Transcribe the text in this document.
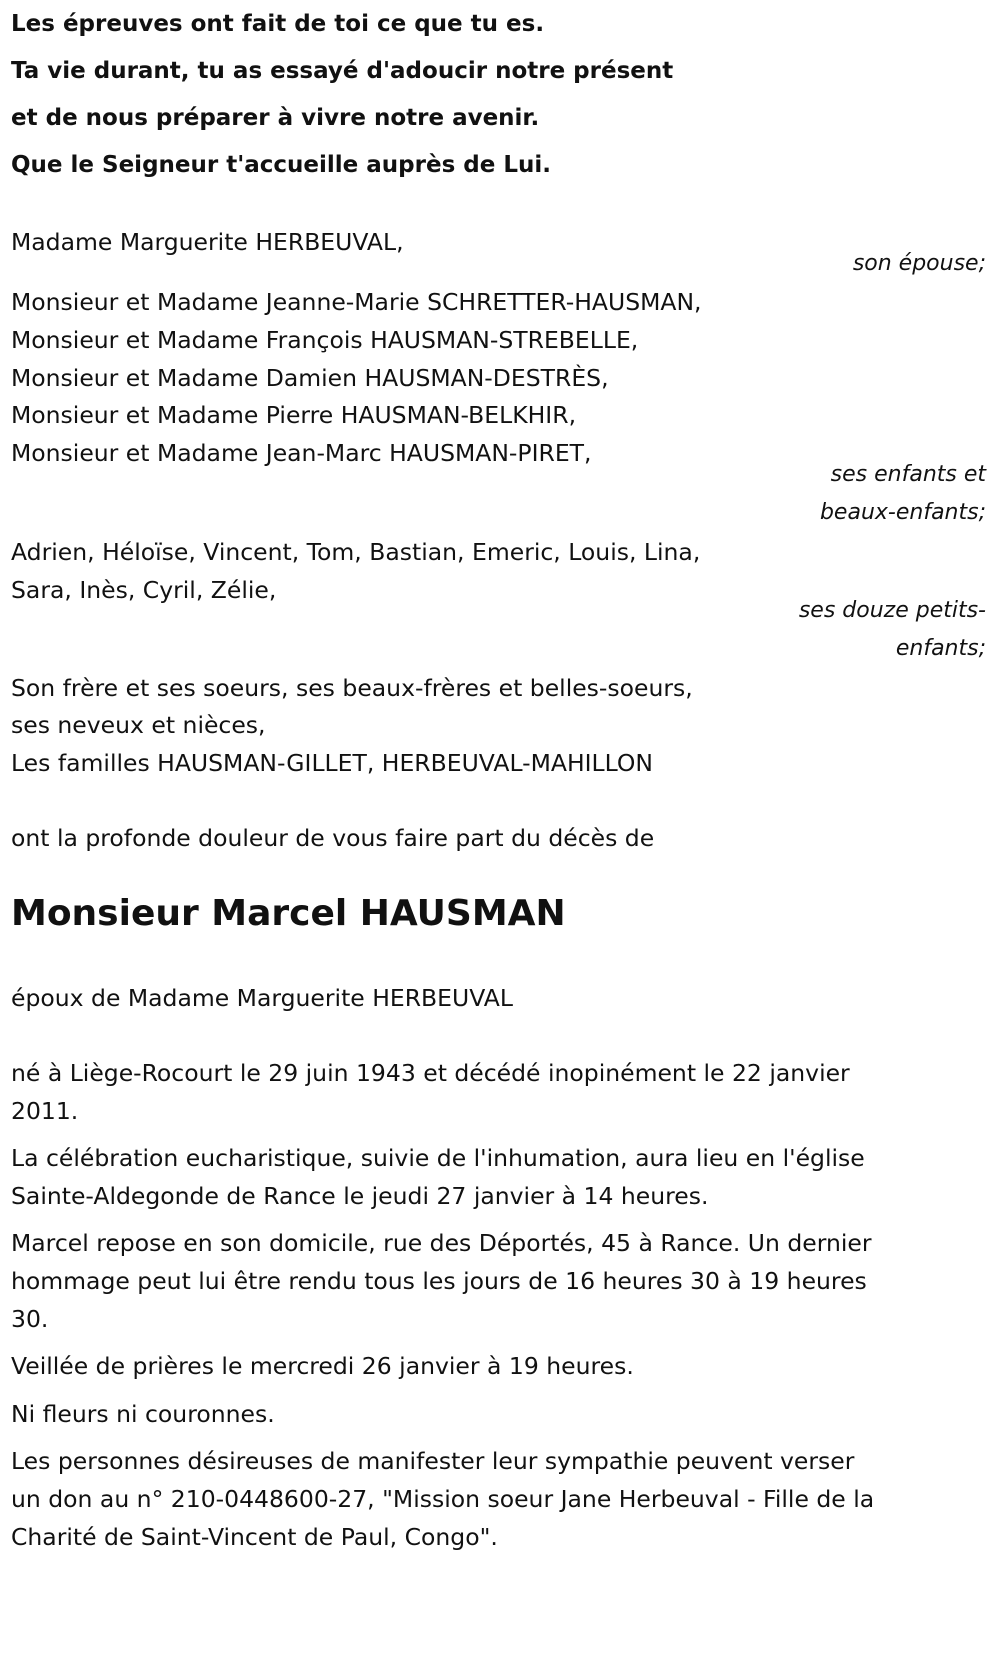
Les épreuves ont fait de toi ce que tu es.
Ta vie durant, tu as essayé d'adoucir notre présent
et de nous préparer à vivre notre avenir.
Que le Seigneur t'accueille auprès de Lui.
Madame Marguerite HERBEUVAL,
son épouse;
Monsieur et Madame Jeanne-Marie SCHRETTER-HAUSMAN,
Monsieur et Madame François HAUSMAN-STREBELLE,
Monsieur et Madame Damien HAUSMAN-DESTRÈS,
Monsieur et Madame Pierre HAUSMAN-BELKHIR,
Monsieur et Madame Jean-Marc HAUSMAN-PIRET,
ses enfants et
beaux-enfants;
Adrien, Héloïse, Vincent, Tom, Bastian, Emeric, Louis, Lina,
Sara, Inès, Cyril, Zélie,
ses douze petits-
enfants;
Son frère et ses soeurs, ses beaux-frères et belles-soeurs,
ses neveux et nièces,
Les familles HAUSMAN-GILLET, HERBEUVAL-MAHILLON
ont la profonde douleur de vous faire part du décès de
Monsieur Marcel HAUSMAN
époux de Madame Marguerite HERBEUVAL
né à Liège-Rocourt le 29 juin 1943 et décédé inopinément le 22 janvier
2011.
La célébration eucharistique, suivie de l'inhumation, aura lieu en l'église
Sainte-Aldegonde de Rance le jeudi 27 janvier à 14 heures.
Marcel repose en son domicile, rue des Déportés, 45 à Rance. Un dernier
hommage peut lui être rendu tous les jours de 16 heures 30 à 19 heures
30.
Veillée de prières le mercredi 26 janvier à 19 heures.
Ni fleurs ni couronnes.
Les personnes désireuses de manifester leur sympathie peuvent verser
un don au n° 210-0448600-27, "Mission soeur Jane Herbeuval - Fille de la
Charité de Saint-Vincent de Paul, Congo".
